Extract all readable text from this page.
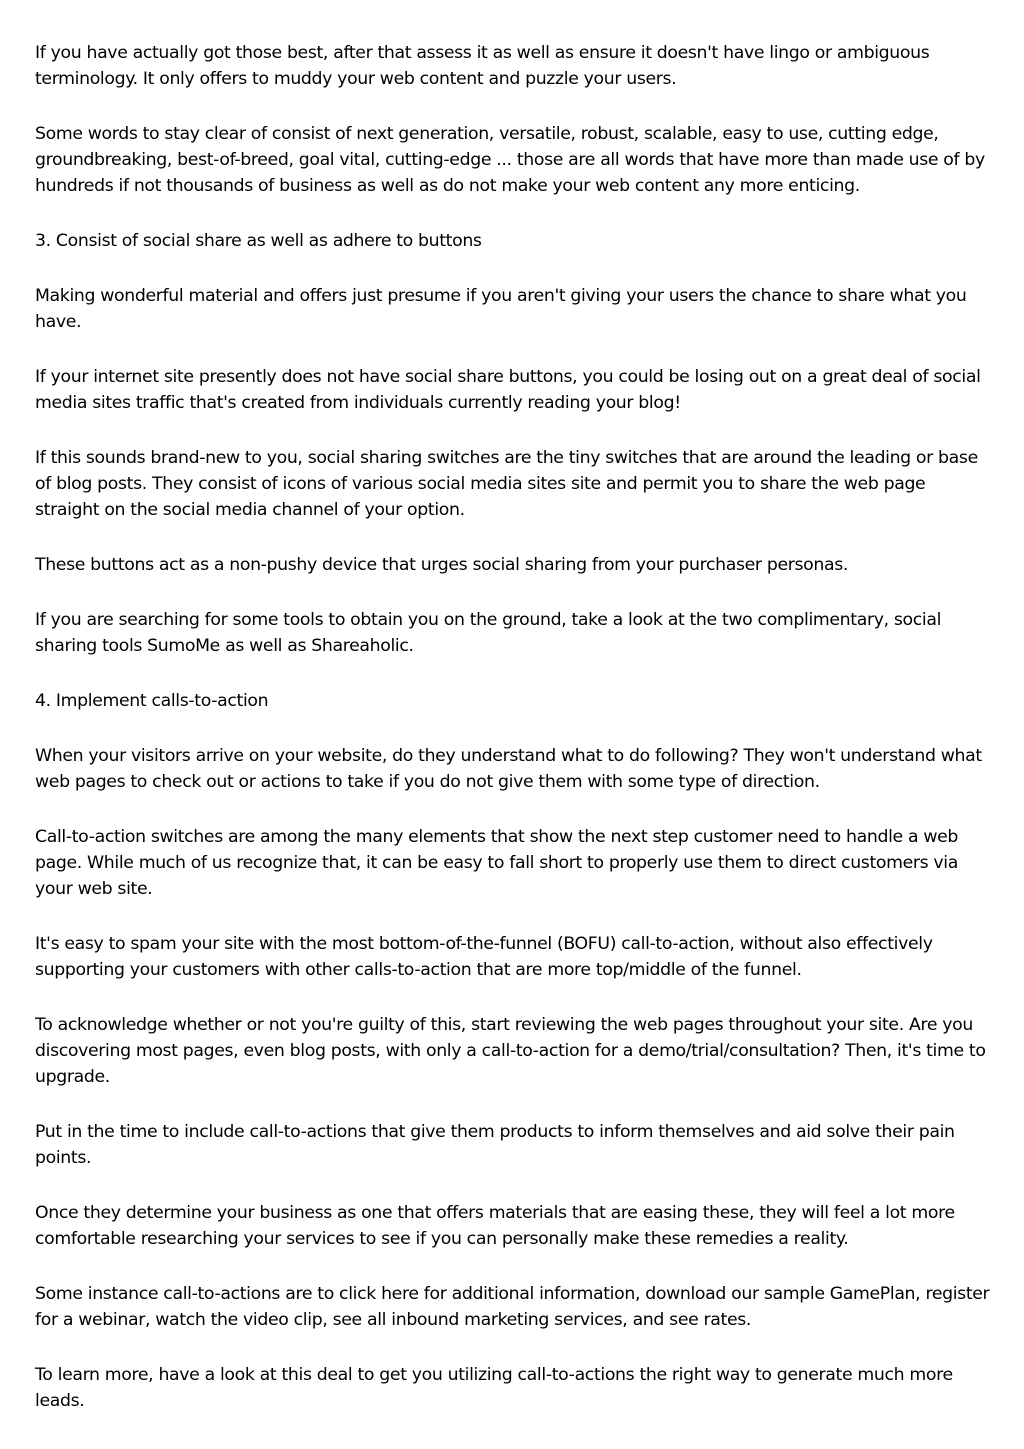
If you have actually got those best, after that assess it as well as ensure it doesn't have lingo or ambiguous terminology. It only offers to muddy your web content and puzzle your users.

Some words to stay clear of consist of next generation, versatile, robust, scalable, easy to use, cutting edge, groundbreaking, best-of-breed, goal vital, cutting-edge ... those are all words that have more than made use of by hundreds if not thousands of business as well as do not make your web content any more enticing.

3. Consist of social share as well as adhere to buttons

Making wonderful material and offers just presume if you aren't giving your users the chance to share what you have.

If your internet site presently does not have social share buttons, you could be losing out on a great deal of social media sites traffic that's created from individuals currently reading your blog!

If this sounds brand-new to you, social sharing switches are the tiny switches that are around the leading or base of blog posts. They consist of icons of various social media sites site and permit you to share the web page straight on the social media channel of your option.

These buttons act as a non-pushy device that urges social sharing from your purchaser personas.

If you are searching for some tools to obtain you on the ground, take a look at the two complimentary, social sharing tools SumoMe as well as Shareaholic.

4. Implement calls-to-action

When your visitors arrive on your website, do they understand what to do following? They won't understand what web pages to check out or actions to take if you do not give them with some type of direction.

Call-to-action switches are among the many elements that show the next step customer need to handle a web page. While much of us recognize that, it can be easy to fall short to properly use them to direct customers via your web site.

It's easy to spam your site with the most bottom-of-the-funnel (BOFU) call-to-action, without also effectively supporting your customers with other calls-to-action that are more top/middle of the funnel.

To acknowledge whether or not you're guilty of this, start reviewing the web pages throughout your site. Are you discovering most pages, even blog posts, with only a call-to-action for a demo/trial/consultation? Then, it's time to upgrade.

Put in the time to include call-to-actions that give them products to inform themselves and aid solve their pain points.

Once they determine your business as one that offers materials that are easing these, they will feel a lot more comfortable researching your services to see if you can personally make these remedies a reality.

Some instance call-to-actions are to click here for additional information, download our sample GamePlan, register for a webinar, watch the video clip, see all inbound marketing services, and see rates.

To learn more, have a look at this deal to get you utilizing call-to-actions the right way to generate much more leads.
